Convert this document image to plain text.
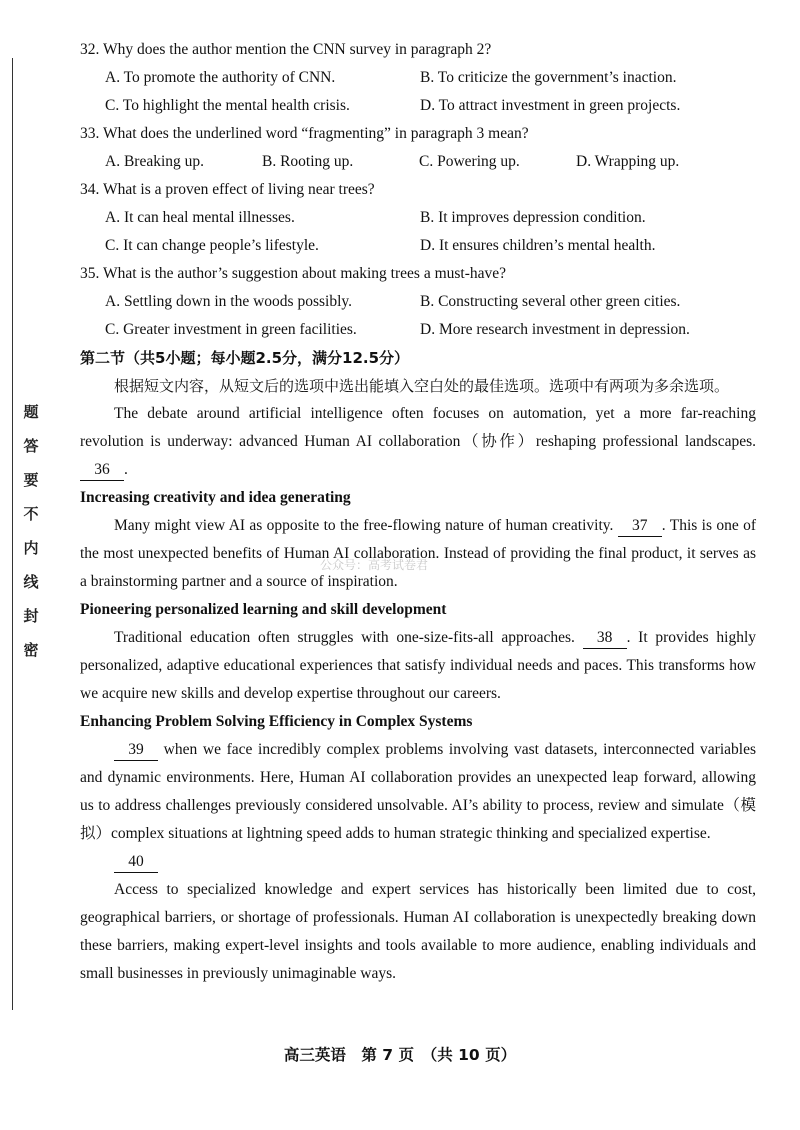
题
答
要
不
内
线
封
密
32. Why does the author mention the CNN survey in paragraph 2?
A. To promote the authority of CNN.	B. To criticize the government’s inaction.
C. To highlight the mental health crisis.	D. To attract investment in green projects.
33. What does the underlined word “fragmenting” in paragraph 3 mean?
A. Breaking up.	B. Rooting up.	C. Powering up.	D. Wrapping up.
34. What is a proven effect of living near trees?
A. It can heal mental illnesses.	B. It improves depression condition.
C. It can change people’s lifestyle.	D. It ensures children’s mental health.
35. What is the author’s suggestion about making trees a must-have?
A. Settling down in the woods possibly.	B. Constructing several other green cities.
C. Greater investment in green facilities.	D. More research investment in depression.
第二节（共5小题；每小题2.5分，满分12.5分）
根据短文内容，从短文后的选项中选出能填入空白处的最佳选项。选项中有两项为多余选项。
The debate around artificial intelligence often focuses on automation, yet a more far-reaching revolution is underway: advanced Human AI collaboration（协作）reshaping professional landscapes. 36 .
Increasing creativity and idea generating
Many might view AI as opposite to the free-flowing nature of human creativity. 37 . This is one of the most unexpected benefits of Human AI collaboration. Instead of providing the final product, it serves as a brainstorming partner and a source of inspiration.
Pioneering personalized learning and skill development
Traditional education often struggles with one-size-fits-all approaches. 38 . It provides highly personalized, adaptive educational experiences that satisfy individual needs and paces. This transforms how we acquire new skills and develop expertise throughout our careers.
Enhancing Problem Solving Efficiency in Complex Systems
39 when we face incredibly complex problems involving vast datasets, interconnected variables and dynamic environments. Here, Human AI collaboration provides an unexpected leap forward, allowing us to address challenges previously considered unsolvable. AI’s ability to process, review and simulate（模拟）complex situations at lightning speed adds to human strategic thinking and specialized expertise.
40
Access to specialized knowledge and expert services has historically been limited due to cost, geographical barriers, or shortage of professionals. Human AI collaboration is unexpectedly breaking down these barriers, making expert-level insights and tools available to more audience, enabling individuals and small businesses in previously unimaginable ways.
公众号：高考试卷君
高三英语　第 7 页　（共 10 页）
